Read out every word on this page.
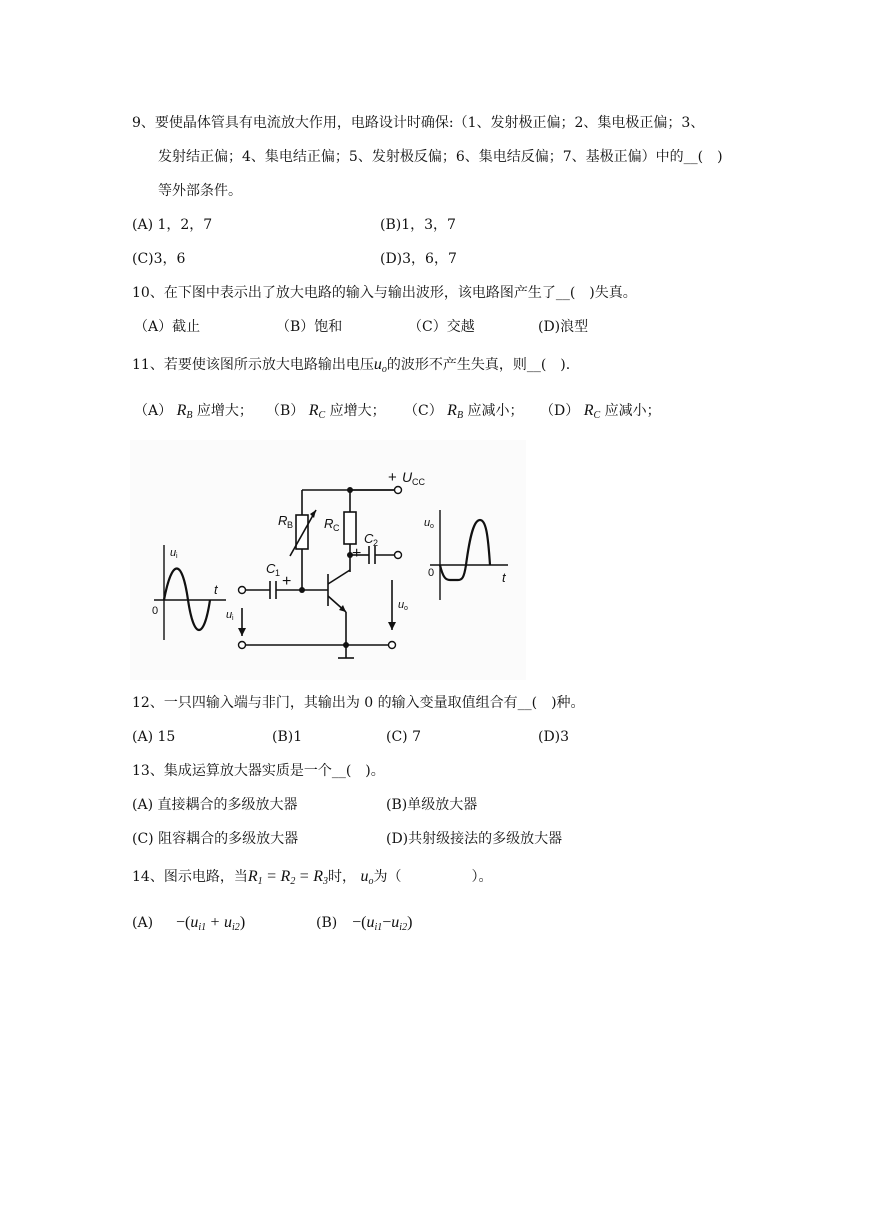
9、要使晶体管具有电流放大作用，电路设计时确保:（1、发射极正偏；2、集电极正偏；3、
发射结正偏；4、集电结正偏；5、发射极反偏；6、集电结反偏；7、基极正偏）中的__(　)
等外部条件。
(A) 1，2，7	(B)1，3，7
(C)3，6	(D)3，6，7
10、在下图中表示出了放大电路的输入与输出波形，该电路图产生了__(　)失真。
（A）截止	（B）饱和	（C）交越	(D)浪型
11、若要使该图所示放大电路输出电压$u_o$的波形不产生失真，则__(　).
（A） $R_B$ 应增大； （B） $R_C$ 应增大； （C） $R_B$ 应减小； （D） $R_C$ 应减小；
+ U CC
R B R C
C 1 +
C 2
+
u i
t
0	u i
u o
u o
t
0
12、一只四输入端与非门，其输出为 0 的输入变量取值组合有__(　)种。
(A) 15	(B)1	(C) 7	(D)3
13、集成运算放大器实质是一个__(　)。
(A) 直接耦合的多级放大器	(B)单级放大器
(C) 阻容耦合的多级放大器	(D)共射级接法的多级放大器
14、图示电路，当$R_1 = R_2 = R_3$时， $u_o$为（　　　　　）。
$(A) -(u_{i1} + u_{i2})$	$(B) -(u_{i1}-u_{i2})$
